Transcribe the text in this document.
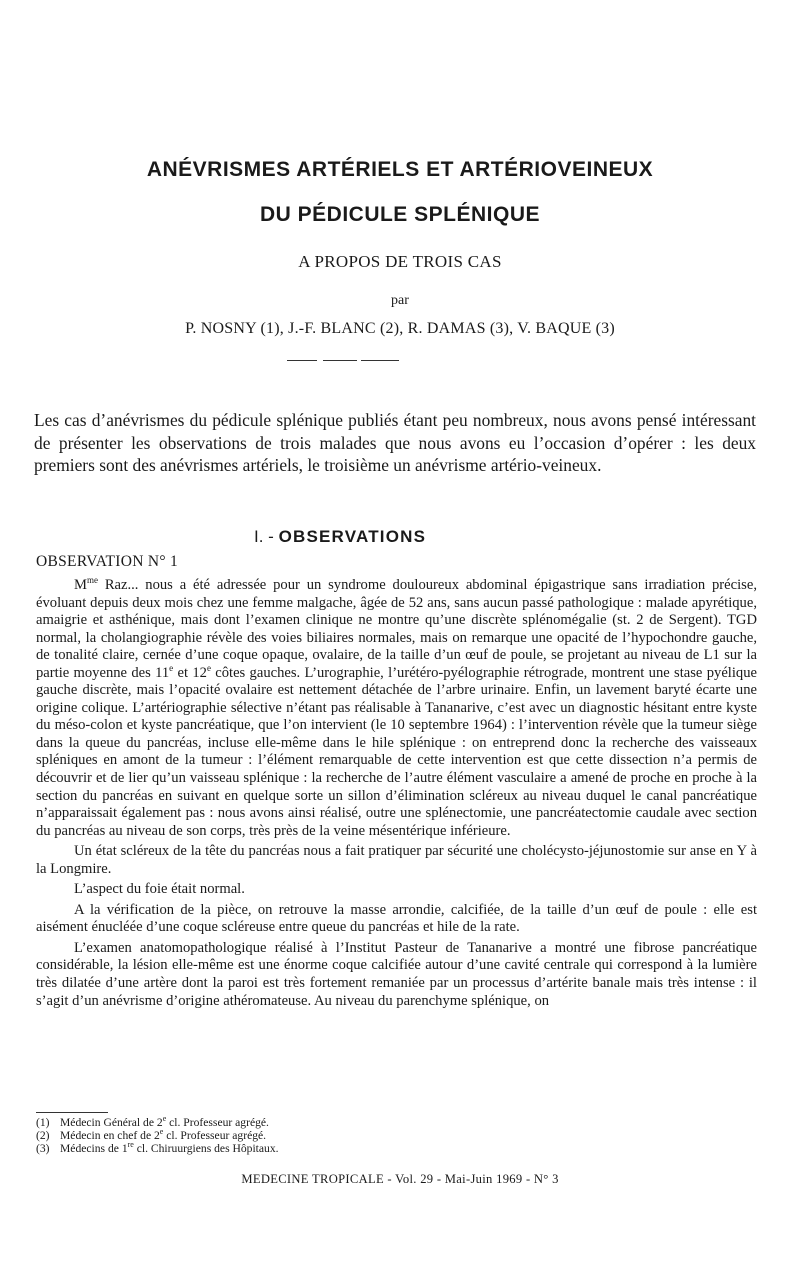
ANÉVRISMES ARTÉRIELS ET ARTÉRIOVEINEUX
DU PÉDICULE SPLÉNIQUE
A PROPOS DE TROIS CAS
par
P. NOSNY (1), J.-F. BLANC (2), R. DAMAS (3), V. BAQUE (3)
Les cas d’anévrismes du pédicule splénique publiés étant peu nombreux, nous avons pensé intéressant de présenter les observations de trois malades que nous avons eu l’occasion d’opérer : les deux premiers sont des anévrismes artériels, le troisième un anévrisme artério-veineux.
I. - OBSERVATIONS
OBSERVATION N° 1

$M^{me}$ Raz... nous a été adressée pour un syndrome douloureux abdominal épigastrique sans irradiation précise, évoluant depuis deux mois chez une femme malgache, âgée de 52 ans, sans aucun passé pathologique : malade apyrétique, amaigrie et asthénique, mais dont l’examen clinique ne montre qu’une discrète splénomégalie (st. 2 de Sergent). TGD normal, la cholangiographie révèle des voies biliaires normales, mais on remarque une opacité de l’hypochondre gauche, de tonalité claire, cernée d’une coque opaque, ovalaire, de la taille d’un œuf de poule, se projetant au niveau de L1 sur la partie moyenne des 11e et 12e côtes gauches. L’urographie, l’urétéro-pyélographie rétrograde, montrent une stase pyélique gauche discrète, mais l’opacité ovalaire est nettement détachée de l’arbre urinaire. Enfin, un lavement baryté écarte une origine colique. L’artériographie sélective n’étant pas réalisable à Tananarive, c’est avec un diagnostic hésitant entre kyste du méso-colon et kyste pancréatique, que l’on intervient (le 10 septembre 1964) : l’intervention révèle que la tumeur siège dans la queue du pancréas, incluse elle-même dans le hile splénique : on entreprend donc la recherche des vaisseaux spléniques en amont de la tumeur : l’élément remarquable de cette intervention est que cette dissection n’a permis de découvrir et de lier qu’un vaisseau splénique : la recherche de l’autre élément vasculaire a amené de proche en proche à la section du pancréas en suivant en quelque sorte un sillon d’élimination scléreux au niveau duquel le canal pancréatique n’apparaissait également pas : nous avons ainsi réalisé, outre une splénectomie, une pancréatectomie caudale avec section du pancréas au niveau de son corps, très près de la veine mésentérique inférieure.

Un état scléreux de la tête du pancréas nous a fait pratiquer par sécurité une cholécysto-jéjunostomie sur anse en Y à la Longmire.

L’aspect du foie était normal.

A la vérification de la pièce, on retrouve la masse arrondie, calcifiée, de la taille d’un œuf de poule : elle est aisément énucléée d’une coque scléreuse entre queue du pancréas et hile de la rate.

L’examen anatomopathologique réalisé à l’Institut Pasteur de Tananarive a montré une fibrose pancréatique considérable, la lésion elle-même est une énorme coque calcifiée autour d’une cavité centrale qui correspond à la lumière très dilatée d’une artère dont la paroi est très fortement remaniée par un processus d’artérite banale mais très intense : il s’agit d’un anévrisme d’origine athéromateuse. Au niveau du parenchyme splénique, on

(1) Médecin Général de 2e cl. Professeur agrégé.
(2) Médecin en chef de 2e cl. Professeur agrégé.
(3) Médecins de 1re cl. Chiruurgiens des Hôpitaux.
MEDECINE TROPICALE - Vol. 29 - Mai-Juin 1969 - N° 3
